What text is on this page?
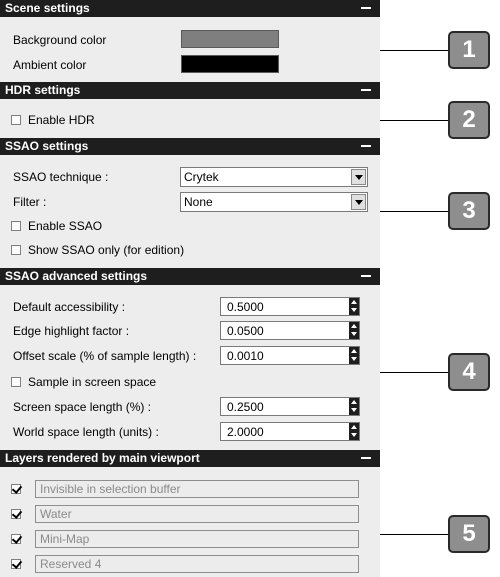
Scene settings
Background color
Ambient color
HDR settings
Enable HDR
SSAO settings
SSAO technique :	Crytek
Filter :	None
Enable SSAO
Show SSAO only (for edition)
SSAO advanced settings
Default accessibility :	0.5000
Edge highlight factor :	0.0500
Offset scale (% of sample length) :	0.0010
Sample in screen space
Screen space length (%) :	0.2500
World space length (units) :	2.0000
Layers rendered by main viewport
Invisible in selection buffer
Water
Mini-Map
Reserved 4
1
2
3
4
5
